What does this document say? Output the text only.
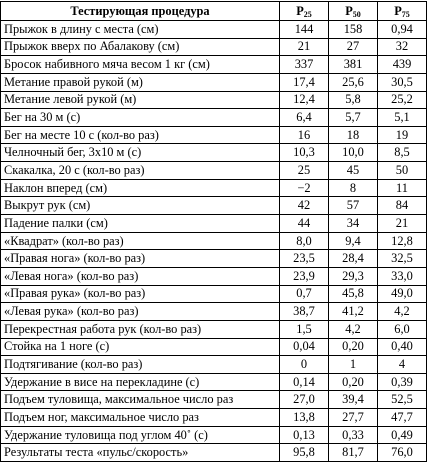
Тестирующая процедура	$P_{25}$	$P_{50}$	$P_{75}$
Прыжок в длину с места (см)	144	158	0,94
Прыжок вверх по Абалакову (см)	21	27	32
Бросок набивного мяча весом 1 кг (см)	337	381	439
Метание правой рукой (м)	17,4	25,6	30,5
Метание левой рукой (м)	12,4	5,8	25,2
Бег на 30 м (с)	6,4	5,7	5,1
Бег на месте 10 с (кол-во раз)	16	18	19
Челночный бег, 3х10 м (с)	10,3	10,0	8,5
Скакалка, 20 с (кол-во раз)	25	45	50
Наклон вперед (см)	−2	8	11
Выкрут рук (см)	42	57	84
Падение палки (см)	44	34	21
«Квадрат» (кол-во раз)	8,0	9,4	12,8
«Правая нога» (кол-во раз)	23,5	28,4	32,5
«Левая нога» (кол-во раз)	23,9	29,3	33,0
«Правая рука» (кол-во раз)	0,7	45,8	49,0
«Левая рука» (кол-во раз)	38,7	41,2	4,2
Перекрестная работа рук (кол-во раз)	1,5	4,2	6,0
Стойка на 1 ноге (с)	0,04	0,20	0,40
Подтягивание (кол-во раз)	0	1	4
Удержание в висе на перекладине (с)	0,14	0,20	0,39
Подъем туловища, максимальное число раз	27,0	39,4	52,5
Подъем ног, максимальное число раз	13,8	27,7	47,7
Удержание туловища под углом 40˚ (с)	0,13	0,33	0,49
Результаты теста «пульс/скорость»	95,8	81,7	76,0
